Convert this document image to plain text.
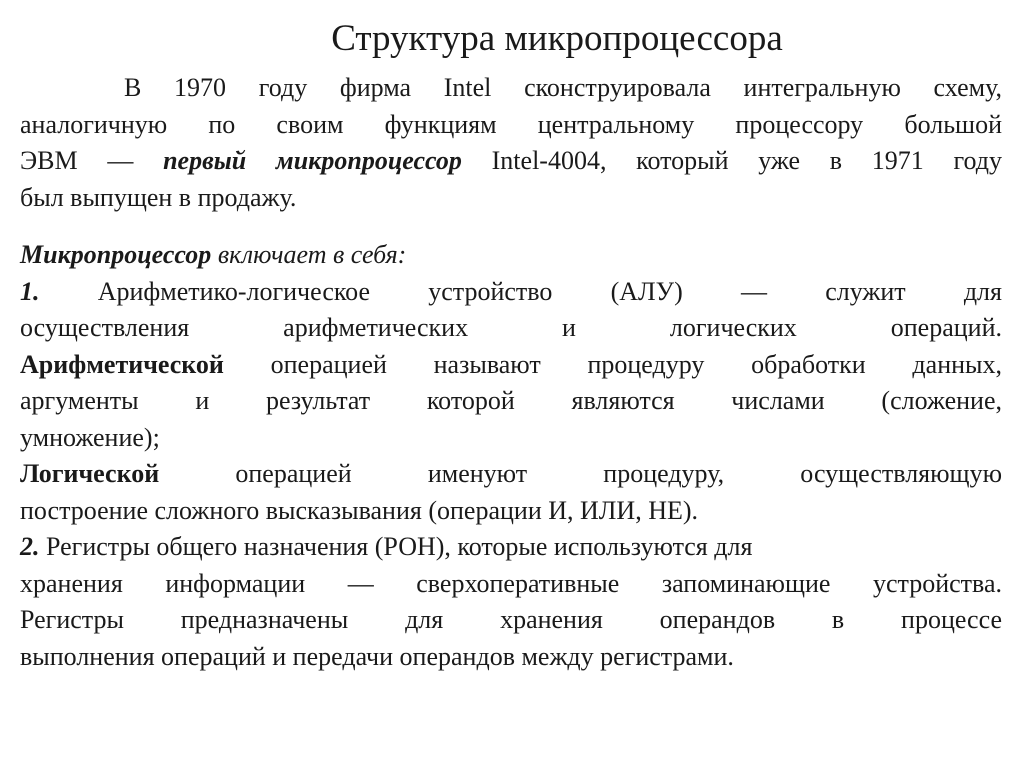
Структура микропроцессора
В 1970 году фирма Intel сконструировала интегральную схему,
аналогичную по своим функциям центральному процессору большой
ЭВМ — первый микропроцессор Intel-4004, который уже в 1971 году
был выпущен в продажу.
Микропроцессор включает в себя:
1. Арифметико-логическое устройство (АЛУ) — служит для
осуществления арифметических и логических операций.
Арифметической операцией называют процедуру обработки данных,
аргументы и результат которой являются числами (сложение,
умножение);
Логической операцией именуют процедуру, осуществляющую
построение сложного высказывания (операции И, ИЛИ, НЕ).
2. Регистры общего назначения (РОН), которые используются для
хранения информации — сверхоперативные запоминающие устройства.
Регистры предназначены для хранения операндов в процессе
выполнения операций и передачи операндов между регистрами.
